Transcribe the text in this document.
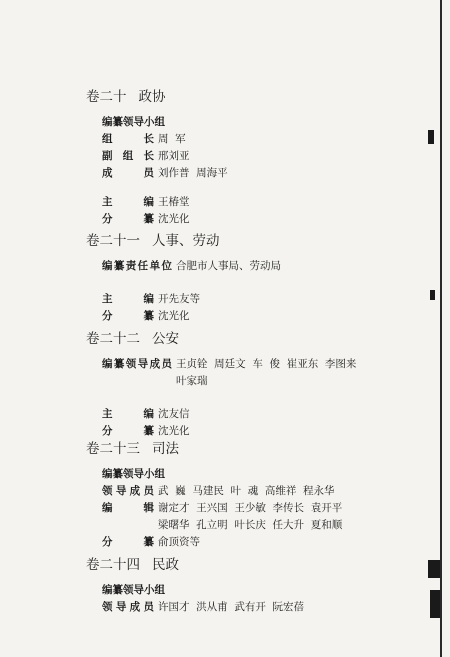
卷二十 政协
编纂领导小组
组	长 周  军
副 组 长 邢刘亚
成	员 刘作普  周海平
主	编 王椿堂
分	纂 沈光化
卷二十一 人事、劳动
编 纂 责 任 单 位 合肥市人事局、劳动局
主	编 开先友等
分	纂 沈光化
卷二十二 公安
编 纂 领 导 成 员 王贞铨  周廷文  车  俊  崔亚东  李图来
叶家瑞
主	编 沈友信
分	纂 沈光化
卷二十三 司法
编纂领导小组
领 导 成 员 武  巍  马建民  叶  魂  高维祥  程永华
编	辑 谢定才  王兴国  王少敏  李传长  袁开平
梁曙华  孔立明  叶长庆  任大升  夏和顺
分	纂 俞顶资等
卷二十四 民政
编纂领导小组
领 导 成 员 许国才  洪从甫  武有开  阮宏蓓
